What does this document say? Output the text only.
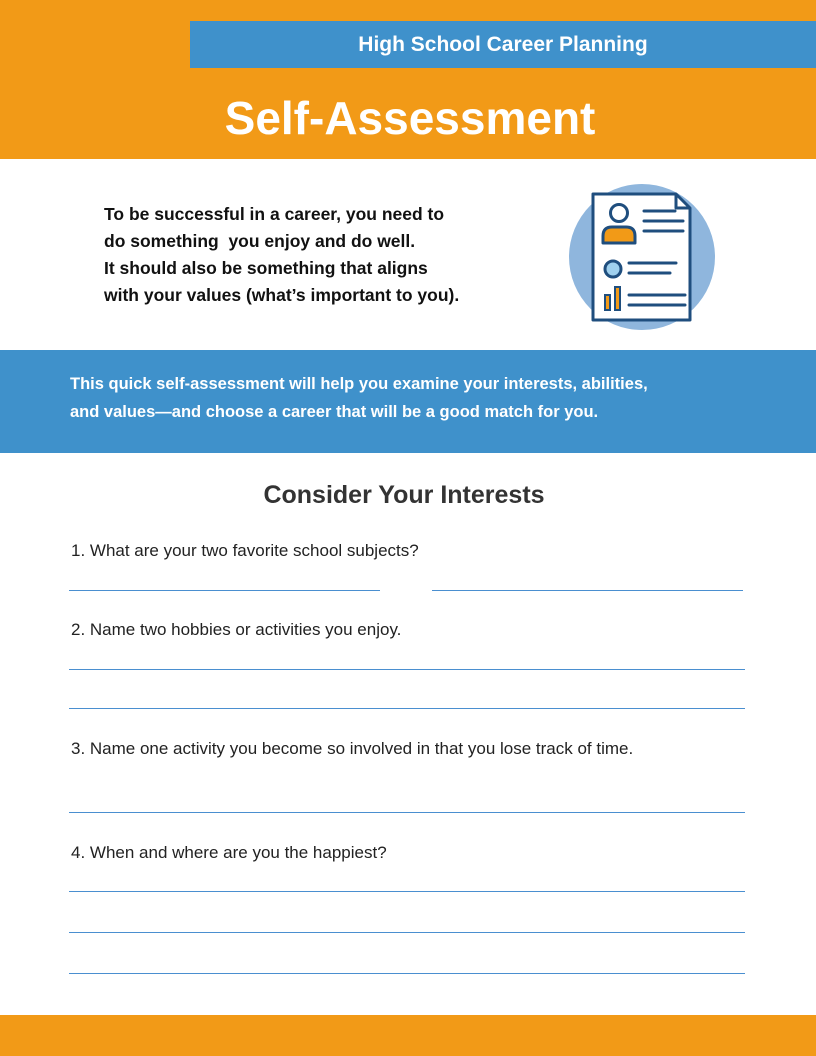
High School Career Planning
Self-Assessment
To be successful in a career, you need to
do something  you enjoy and do well.
It should also be something that aligns
with your values (what’s important to you).
This quick self-assessment will help you examine your interests, abilities,
and values—and choose a career that will be a good match for you.
Consider Your Interests
1. What are your two favorite school subjects?
2. Name two hobbies or activities you enjoy.
3. Name one activity you become so involved in that you lose track of time.
4. When and where are you the happiest?
